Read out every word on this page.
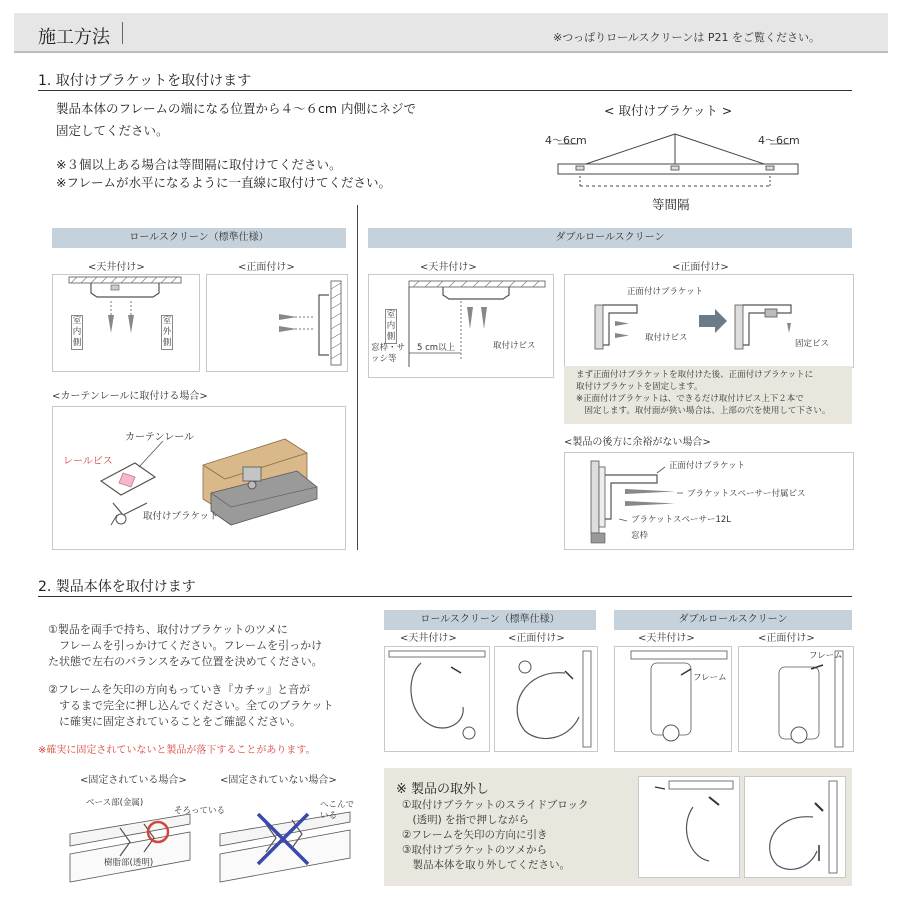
施工方法	※つっぱりロールスクリーンは P21 をご覧ください。
1. 取付けブラケットを取付けます
製品本体のフレームの端になる位置から４～６cm 内側にネジで
固定してください。
※３個以上ある場合は等間隔に取付けてください。
※フレームが水平になるように一直線に取付けてください。
< 取付けブラケット >
4～6cm	4～6cm
等間隔
ロールスクリーン（標準仕様）
<天井付け>	<正面付け>
室内側
室外側
<カーテンレールに取付ける場合>
カーテンレール
レールビス
取付けブラケット
ダブルロールスクリーン
<天井付け>	<正面付け>
室内側
窓枠・サッシ等
5 cm以上	取付けビス
正面付けブラケット
取付けビス
固定ビス
まず正面付けブラケットを取付けた後、正面付けブラケットに
取付けブラケットを固定します。
※正面付けブラケットは、できるだけ取付けビス上下２本で
　固定します。取付面が狭い場合は、上部の穴を使用して下さい。
<製品の後方に余裕がない場合>
正面付けブラケット
ブラケットスペーサー付属ビス
ブラケットスペーサー12L
窓枠
2. 製品本体を取付けます
①製品を両手で持ち、取付けブラケットのツメに
　フレームを引っかけてください。フレームを引っかけ
た状態で左右のバランスをみて位置を決めてください。
②フレームを矢印の方向もっていき『カチッ』と音が
　するまで完全に押し込んでください。全てのブラケット
　に確実に固定されていることをご確認ください。
※確実に固定されていないと製品が落下することがあります。
<固定されている場合>	<固定されていない場合>
ベース部(金属)
そろっている
樹脂部(透明)
へこんでいる
ロールスクリーン（標準仕様）	ダブルロールスクリーン
<天井付け>	<正面付け>	<天井付け>	<正面付け>
フレーム
フレーム
※ 製品の取外し
①取付けブラケットのスライドブロック
　(透明) を指で押しながら
②フレームを矢印の方向に引き
③取付けブラケットのツメから
　製品本体を取り外してください。
